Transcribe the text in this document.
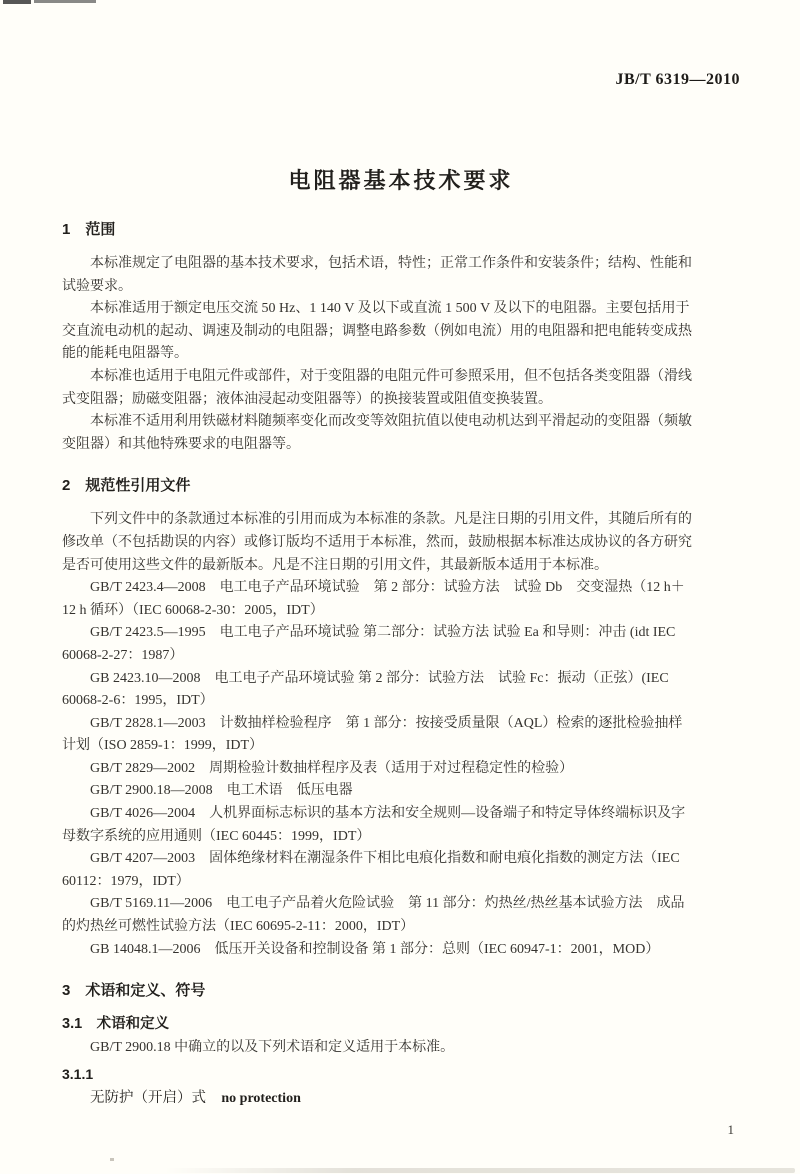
JB/T 6319—2010
电阻器基本技术要求
1　范围
本标准规定了电阻器的基本技术要求，包括术语，特性；正常工作条件和安装条件；结构、性能和
试验要求。
本标准适用于额定电压交流 50 Hz、1 140 V 及以下或直流 1 500 V 及以下的电阻器。主要包括用于
交直流电动机的起动、调速及制动的电阻器；调整电路参数（例如电流）用的电阻器和把电能转变成热
能的能耗电阻器等。
本标准也适用于电阻元件或部件，对于变阻器的电阻元件可参照采用，但不包括各类变阻器（滑线
式变阻器；励磁变阻器；液体油浸起动变阻器等）的换接装置或阻值变换装置。
本标准不适用利用铁磁材料随频率变化而改变等效阻抗值以使电动机达到平滑起动的变阻器（频敏
变阻器）和其他特殊要求的电阻器等。
2　规范性引用文件
下列文件中的条款通过本标准的引用而成为本标准的条款。凡是注日期的引用文件，其随后所有的
修改单（不包括勘误的内容）或修订版均不适用于本标准，然而，鼓励根据本标准达成协议的各方研究
是否可使用这些文件的最新版本。凡是不注日期的引用文件，其最新版本适用于本标准。
GB/T 2423.4—2008　电工电子产品环境试验　第 2 部分：试验方法　试验 Db　交变湿热（12 h＋
12 h 循环）（IEC 60068-2-30：2005，IDT）
GB/T 2423.5—1995　电工电子产品环境试验 第二部分：试验方法 试验 Ea 和导则：冲击 (idt IEC
60068-2-27：1987）
GB 2423.10—2008　电工电子产品环境试验 第 2 部分：试验方法　试验 Fc：振动（正弦）(IEC
60068-2-6：1995，IDT）
GB/T 2828.1—2003　计数抽样检验程序　第 1 部分：按接受质量限（AQL）检索的逐批检验抽样
计划（ISO 2859-1：1999，IDT）
GB/T 2829—2002　周期检验计数抽样程序及表（适用于对过程稳定性的检验）
GB/T 2900.18—2008　电工术语　低压电器
GB/T 4026—2004　人机界面标志标识的基本方法和安全规则—设备端子和特定导体终端标识及字
母数字系统的应用通则（IEC 60445：1999，IDT）
GB/T 4207—2003　固体绝缘材料在潮湿条件下相比电痕化指数和耐电痕化指数的测定方法（IEC
60112：1979，IDT）
GB/T 5169.11—2006　电工电子产品着火危险试验　第 11 部分：灼热丝/热丝基本试验方法　成品
的灼热丝可燃性试验方法（IEC 60695-2-11：2000，IDT）
GB 14048.1—2006　低压开关设备和控制设备 第 1 部分：总则（IEC 60947-1：2001，MOD）
3　术语和定义、符号
3.1　术语和定义
GB/T 2900.18 中确立的以及下列术语和定义适用于本标准。
3.1.1
无防护（开启）式 no protection
1
